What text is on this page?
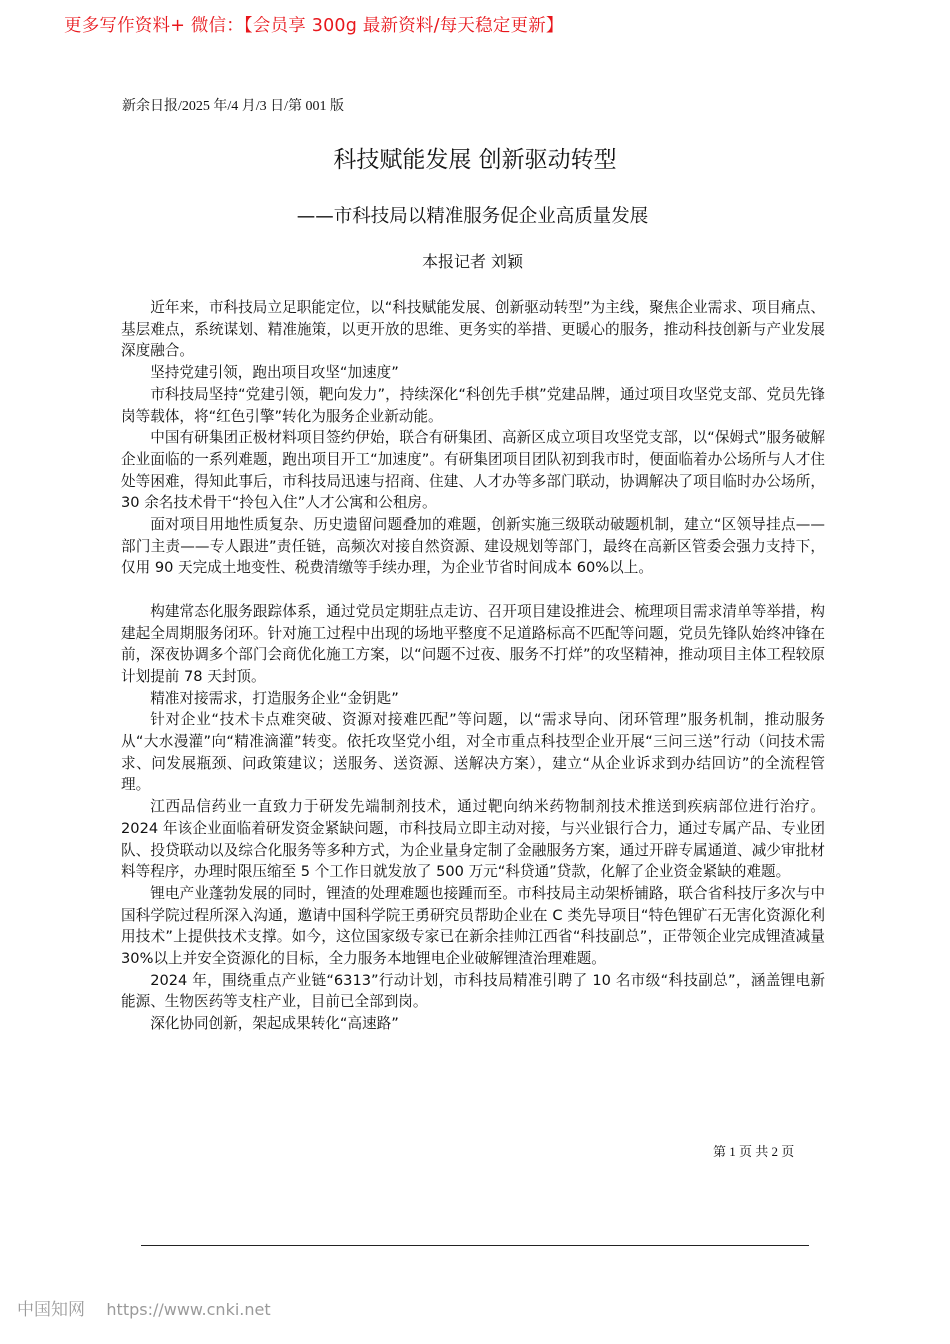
更多写作资料+ 微信：【会员享 300g 最新资料/每天稳定更新】
新余日报/2025 年/4 月/3 日/第 001 版
科技赋能发展 创新驱动转型
——市科技局以精准服务促企业高质量发展
本报记者 刘颖

近年来，市科技局立足职能定位，以“科技赋能发展、创新驱动转型”为主线，聚焦企业需求、项目痛点、基层难点，系统谋划、精准施策，以更开放的思维、更务实的举措、更暖心的服务，推动科技创新与产业发展深度融合。

坚持党建引领，跑出项目攻坚“加速度”

市科技局坚持“党建引领，靶向发力”，持续深化“科创先手棋”党建品牌，通过项目攻坚党支部、党员先锋岗等载体，将“红色引擎”转化为服务企业新动能。

中国有研集团正极材料项目签约伊始，联合有研集团、高新区成立项目攻坚党支部，以“保姆式”服务破解企业面临的一系列难题，跑出项目开工“加速度”。有研集团项目团队初到我市时，便面临着办公场所与人才住处等困难，得知此事后，市科技局迅速与招商、住建、人才办等多部门联动，协调解决了项目临时办公场所，30 余名技术骨干“拎包入住”人才公寓和公租房。

面对项目用地性质复杂、历史遗留问题叠加的难题，创新实施三级联动破题机制，建立“区领导挂点——部门主责——专人跟进”责任链，高频次对接自然资源、建设规划等部门，最终在高新区管委会强力支持下，仅用 90 天完成土地变性、税费清缴等手续办理，为企业节省时间成本 60%以上。

构建常态化服务跟踪体系，通过党员定期驻点走访、召开项目建设推进会、梳理项目需求清单等举措，构建起全周期服务闭环。针对施工过程中出现的场地平整度不足道路标高不匹配等问题，党员先锋队始终冲锋在前，深夜协调多个部门会商优化施工方案，以“问题不过夜、服务不打烊”的攻坚精神，推动项目主体工程较原计划提前 78 天封顶。

精准对接需求，打造服务企业“金钥匙”

针对企业“技术卡点难突破、资源对接难匹配”等问题，以“需求导向、闭环管理”服务机制，推动服务从“大水漫灌”向“精准滴灌”转变。依托攻坚党小组，对全市重点科技型企业开展“三问三送”行动（问技术需求、问发展瓶颈、问政策建议；送服务、送资源、送解决方案），建立“从企业诉求到办结回访”的全流程管理。

江西品信药业一直致力于研发先端制剂技术，通过靶向纳米药物制剂技术推送到疾病部位进行治疗。2024 年该企业面临着研发资金紧缺问题，市科技局立即主动对接，与兴业银行合力，通过专属产品、专业团队、投贷联动以及综合化服务等多种方式，为企业量身定制了金融服务方案，通过开辟专属通道、减少审批材料等程序，办理时限压缩至 5 个工作日就发放了 500 万元“科贷通”贷款，化解了企业资金紧缺的难题。

锂电产业蓬勃发展的同时，锂渣的处理难题也接踵而至。市科技局主动架桥铺路，联合省科技厅多次与中国科学院过程所深入沟通，邀请中国科学院王勇研究员帮助企业在 C 类先导项目“特色锂矿石无害化资源化利用技术”上提供技术支撑。如今，这位国家级专家已在新余挂帅江西省“科技副总”，正带领企业完成锂渣减量 30%以上并安全资源化的目标，全力服务本地锂电企业破解锂渣治理难题。

2024 年，围绕重点产业链“6313”行动计划，市科技局精准引聘了 10 名市级“科技副总”，涵盖锂电新能源、生物医药等支柱产业，目前已全部到岗。

深化协同创新，架起成果转化“高速路”

第 1 页 共 2 页
中国知网 https://www.cnki.net
